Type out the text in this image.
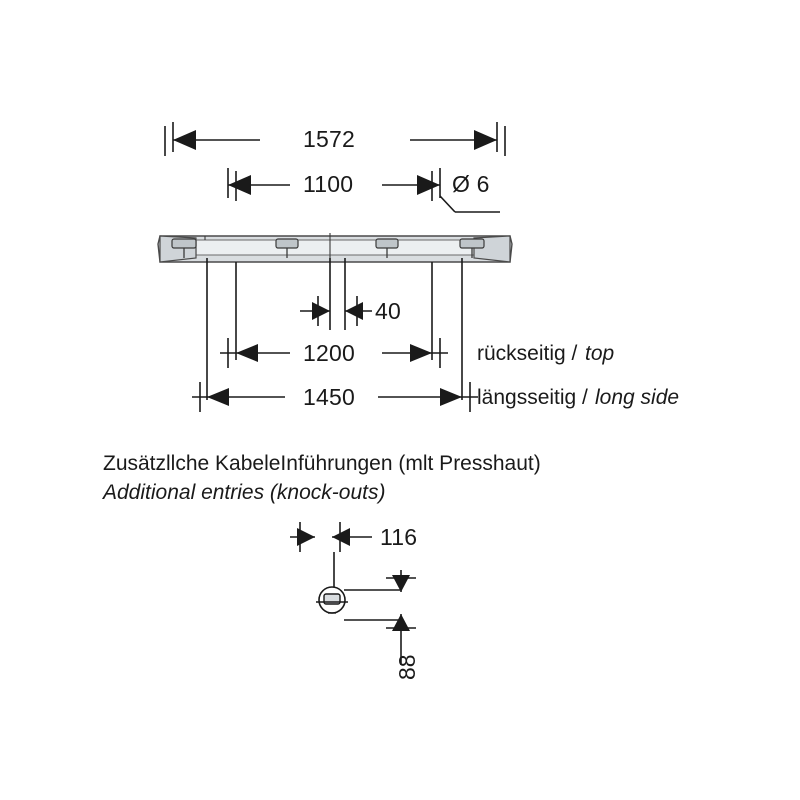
1572
1100	Ø 6
40
1200
1450
rückseitig / top
längsseitig / long side
Zusätzllche KabeleInführungen (mlt Presshaut)
Additional entries (knock-outs)
116
88
